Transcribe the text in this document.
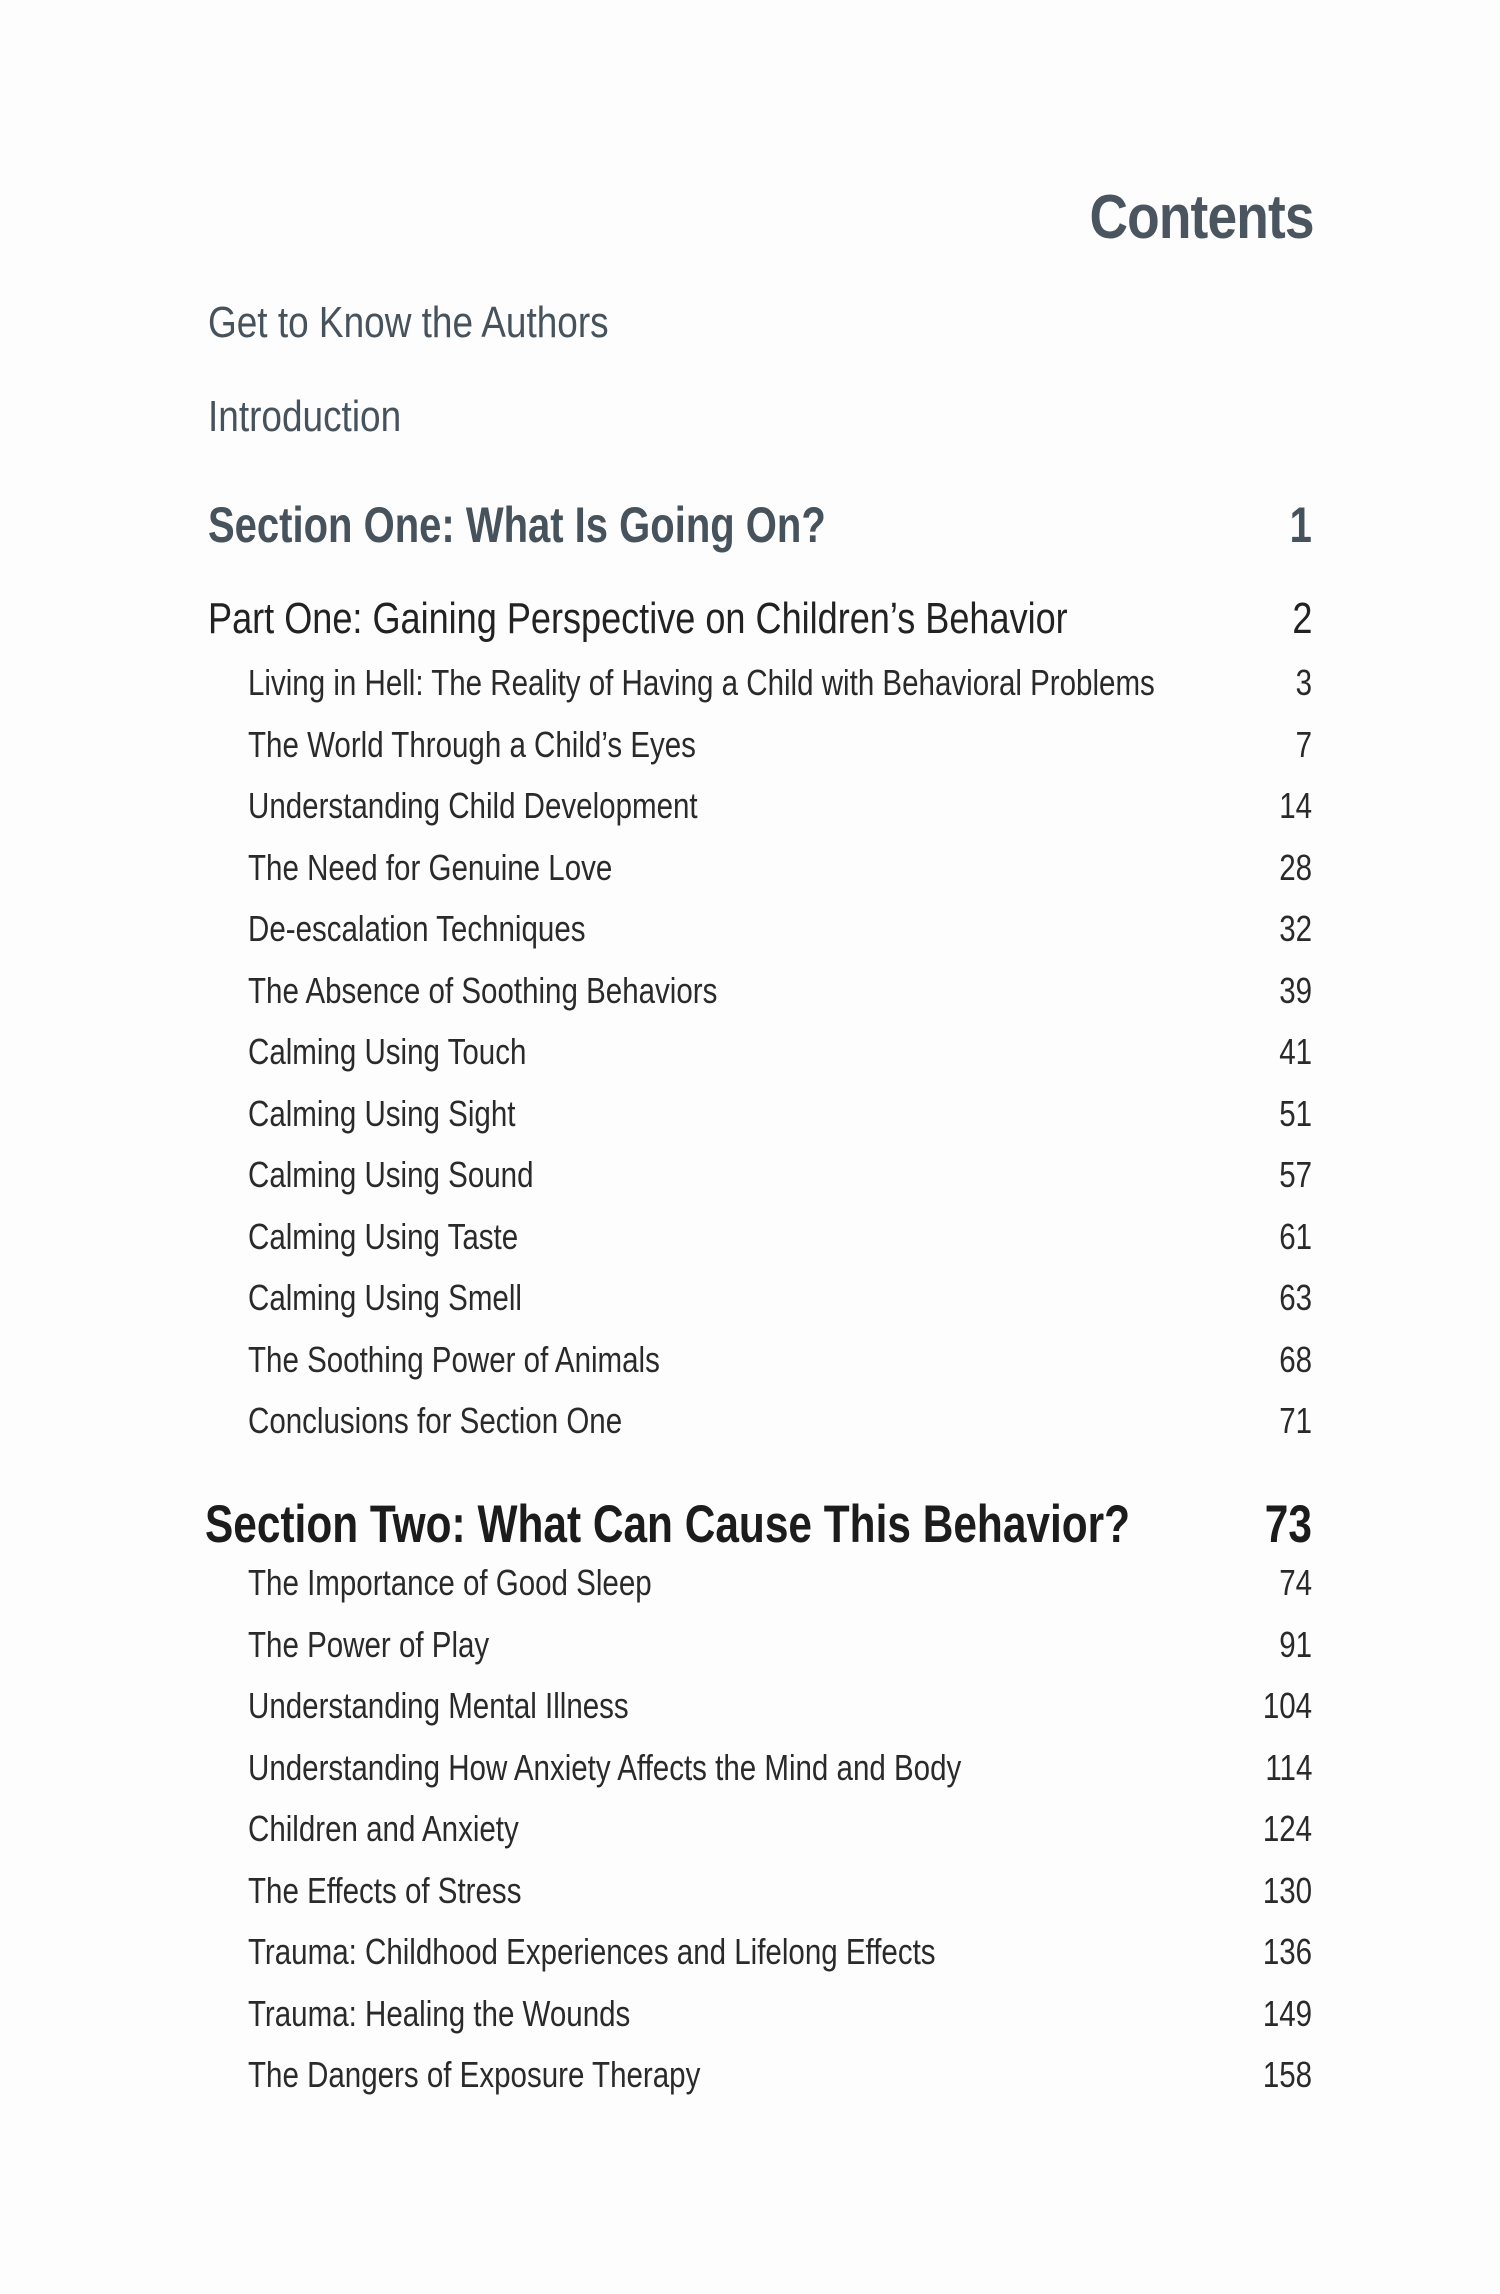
Contents
Get to Know the Authors
Introduction
Section One: What Is Going On?	1
Part One: Gaining Perspective on Children’s Behavior	2
Living in Hell: The Reality of Having a Child with Behavioral Problems	3
The World Through a Child’s Eyes	7
Understanding Child Development	14
The Need for Genuine Love	28
De-escalation Techniques	32
The Absence of Soothing Behaviors	39
Calming Using Touch	41
Calming Using Sight	51
Calming Using Sound	57
Calming Using Taste	61
Calming Using Smell	63
The Soothing Power of Animals	68
Conclusions for Section One	71
Section Two: What Can Cause This Behavior?	73
The Importance of Good Sleep	74
The Power of Play	91
Understanding Mental Illness	104
Understanding How Anxiety Affects the Mind and Body	114
Children and Anxiety	124
The Effects of Stress	130
Trauma: Childhood Experiences and Lifelong Effects	136
Trauma: Healing the Wounds	149
The Dangers of Exposure Therapy	158
